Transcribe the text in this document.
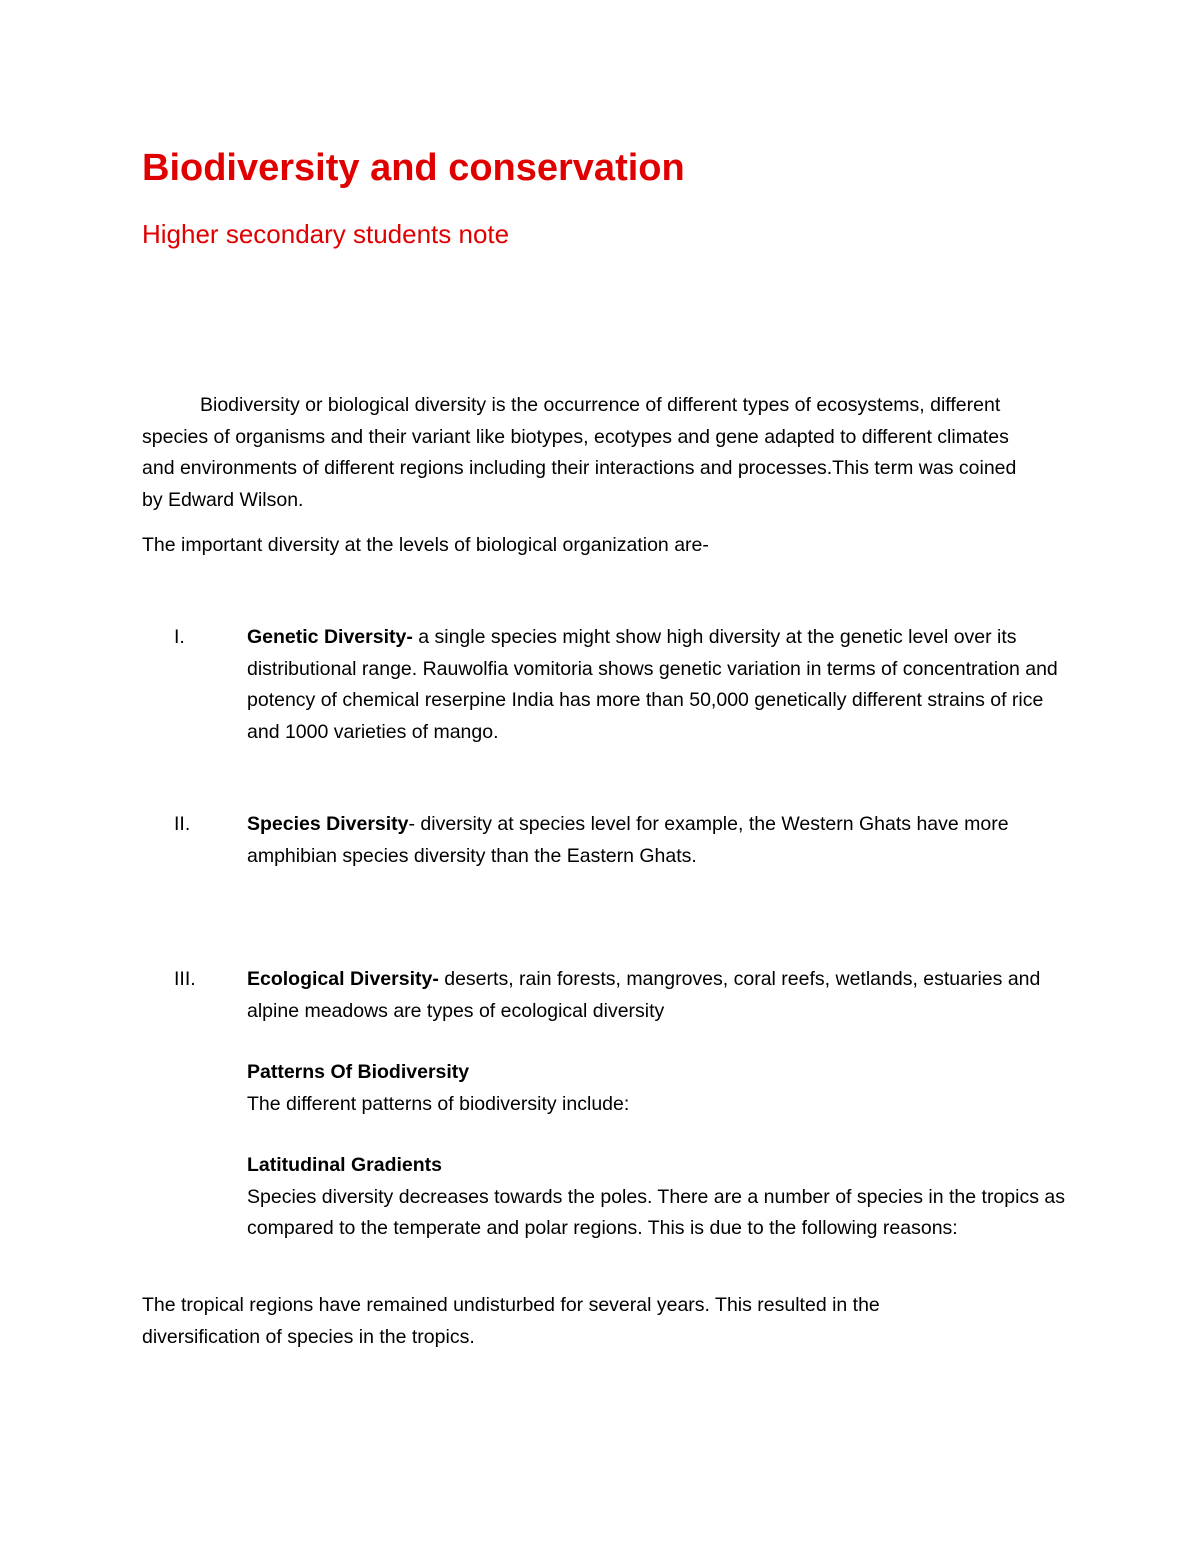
Biodiversity and conservation
Higher secondary students note

Biodiversity or biological diversity is the occurrence of different types of ecosystems, different species of organisms and their variant like biotypes, ecotypes and gene adapted to different climates and environments of different regions including their interactions and processes.This term was coined by Edward Wilson.

The important diversity at the levels of biological organization are-

I.	Genetic Diversity- a single species might show high diversity at the genetic level over its distributional range. Rauwolfia vomitoria shows genetic variation in terms of concentration and potency of chemical reserpine India has more than 50,000 genetically different strains of rice and 1000 varieties of mango.

II.	Species Diversity- diversity at species level for example, the Western Ghats have more amphibian species diversity than the Eastern Ghats.

III.	Ecological Diversity- deserts, rain forests, mangroves, coral reefs, wetlands, estuaries and alpine meadows are types of ecological diversity

Patterns Of Biodiversity
The different patterns of biodiversity include:
Latitudinal Gradients
Species diversity decreases towards the poles. There are a number of species in the tropics as compared to the temperate and polar regions. This is due to the following reasons:

The tropical regions have remained undisturbed for several years. This resulted in the diversification of species in the tropics.
